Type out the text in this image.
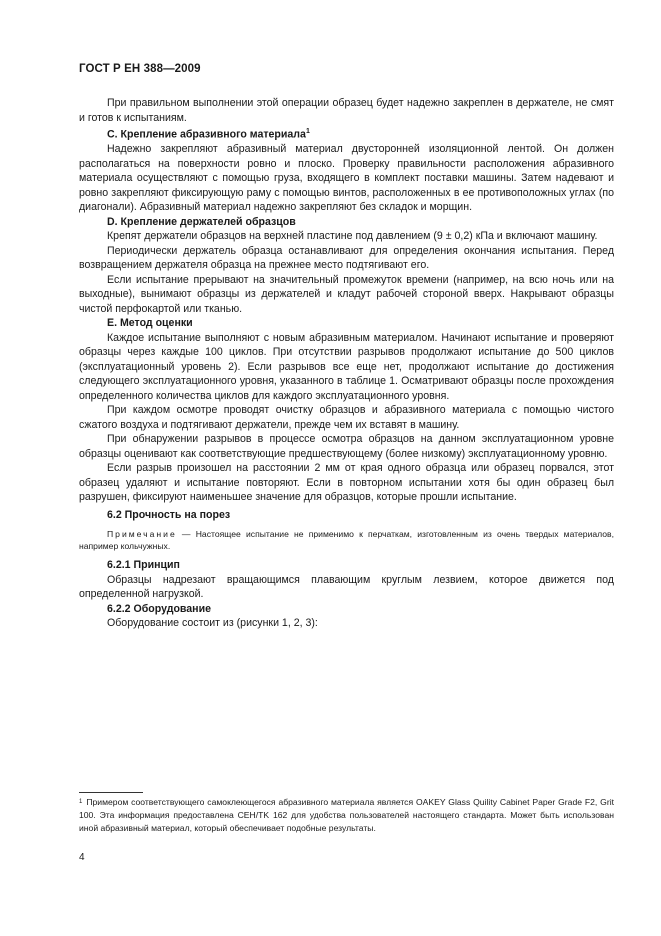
ГОСТ Р ЕН 388—2009

При правильном выполнении этой операции образец будет надежно закреплен в держателе, не смят и готов к испытаниям.

C. Крепление абразивного материала$^1$

Надежно закрепляют абразивный материал двусторонней изоляционной лентой. Он должен располагаться на поверхности ровно и плоско. Проверку правильности расположения абразивного материала осуществляют с помощью груза, входящего в комплект поставки машины. Затем надевают и ровно закрепляют фиксирующую раму с помощью винтов, расположенных в ее противоположных углах (по диагонали). Абразивный материал надежно закрепляют без складок и морщин.

D. Крепление держателей образцов

Крепят держатели образцов на верхней пластине под давлением (9 ± 0,2) кПа и включают машину.

Периодически держатель образца останавливают для определения окончания испытания. Перед возвращением держателя образца на прежнее место подтягивают его.

Если испытание прерывают на значительный промежуток времени (например, на всю ночь или на выходные), вынимают образцы из держателей и кладут рабочей стороной вверх. Накрывают образцы чистой перфокартой или тканью.

E. Метод оценки

Каждое испытание выполняют с новым абразивным материалом. Начинают испытание и проверяют образцы через каждые 100 циклов. При отсутствии разрывов продолжают испытание до 500 циклов (эксплуатационный уровень 2). Если разрывов все еще нет, продолжают испытание до достижения следующего эксплуатационного уровня, указанного в таблице 1. Осматривают образцы после прохождения определенного количества циклов для каждого эксплуатационного уровня.

При каждом осмотре проводят очистку образцов и абразивного материала с помощью чистого сжатого воздуха и подтягивают держатели, прежде чем их вставят в машину.

При обнаружении разрывов в процессе осмотра образцов на данном эксплуатационном уровне образцы оценивают как соответствующие предшествующему (более низкому) эксплуатационному уровню.

Если разрыв произошел на расстоянии 2 мм от края одного образца или образец порвался, этот образец удаляют и испытание повторяют. Если в повторном испытании хотя бы один образец был разрушен, фиксируют наименьшее значение для образцов, которые прошли испытание.

6.2 Прочность на порез

Примечание — Настоящее испытание не применимо к перчаткам, изготовленным из очень твердых материалов, например кольчужных.

6.2.1 Принцип

Образцы надрезают вращающимся плавающим круглым лезвием, которое движется под определенной нагрузкой.

6.2.2 Оборудование

Оборудование состоит из (рисунки 1, 2, 3):

$^1$ Примером соответствующего самоклеющегося абразивного материала является OAKEY Glass Quility Cabinet Paper Grade F2, Grit 100. Эта информация предоставлена CEH/TK 162 для удобства пользователей настоящего стандарта. Может быть использован иной абразивный материал, который обеспечивает подобные результаты.

4
